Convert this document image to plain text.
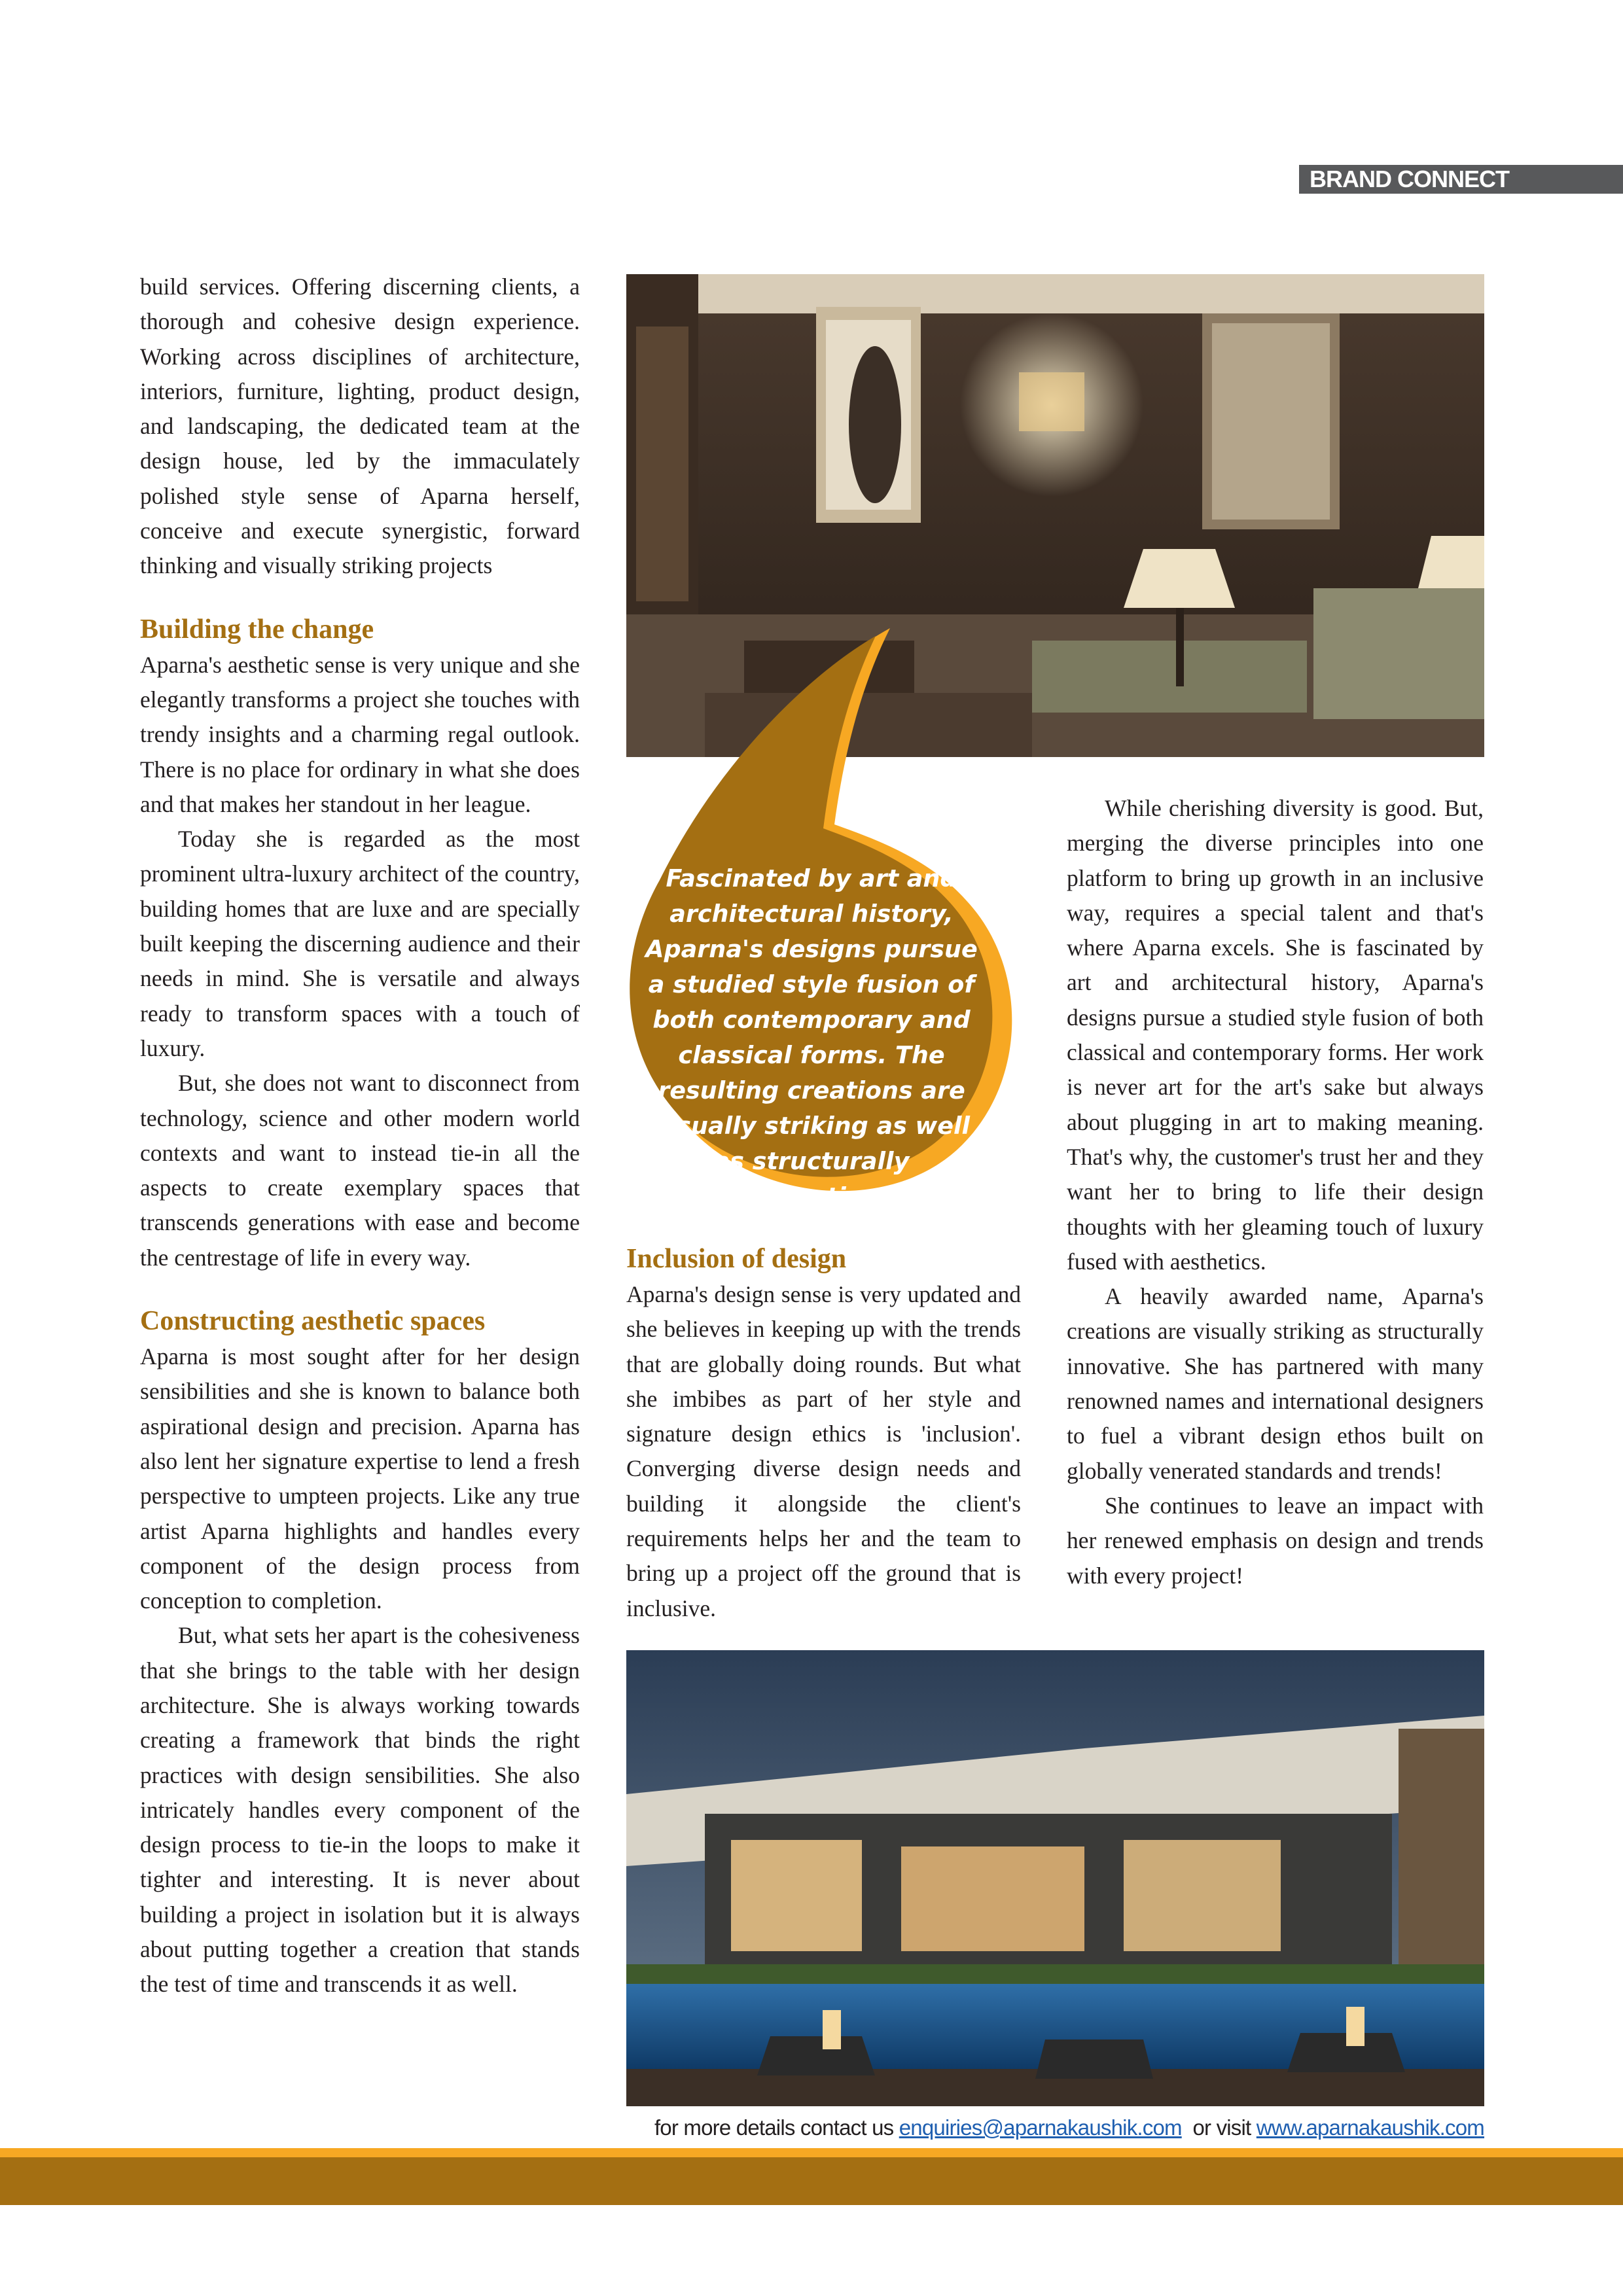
BRAND CONNECT

build services. Offering discerning clients, a thorough and cohesive design experience. Working across disciplines of architecture, interiors, furniture, lighting, product design, and landscaping, the dedicated team at the design house, led by the immaculately polished style sense of Aparna herself, conceive and execute synergistic, forward thinking and visually striking projects

Building the change

Aparna's aesthetic sense is very unique and she elegantly transforms a project she touches with trendy insights and a charming regal outlook. There is no place for ordinary in what she does and that makes her standout in her league.

Today she is regarded as the most prominent ultra-luxury architect of the country, building homes that are luxe and are specially built keeping the discerning audience and their needs in mind. She is versatile and always ready to transform spaces with a touch of luxury.

But, she does not want to disconnect from technology, science and other modern world contexts and want to instead tie-in all the aspects to create exemplary spaces that transcends generations with ease and become the centrestage of life in every way.

Constructing aesthetic spaces

Aparna is most sought after for her design sensibilities and she is known to balance both aspirational design and precision. Aparna has also lent her signature expertise to lend a fresh perspective to umpteen projects. Like any true artist Aparna highlights and handles every component of the design process from conception to completion.

But, what sets her apart is the cohesiveness that she brings to the table with her design architecture. She is always working towards creating a framework that binds the right practices with design sensibilities. She also intricately handles every component of the design process to tie-in the loops to make it tighter and interesting. It is never about building a project in isolation but it is always about putting together a creation that stands the test of time and transcends it as well.

Fascinated by art and architectural history, Aparna's designs pursue a studied style fusion of both contemporary and classical forms. The resulting creations are visually striking as well as structurally innovative.
Inclusion of design

Aparna's design sense is very updated and she believes in keeping up with the trends that are globally doing rounds. But what she imbibes as part of her style and signature design ethics is 'inclusion'. Converging diverse design needs and building it alongside the client's requirements helps her and the team to bring up a project off the ground that is inclusive.

While cherishing diversity is good. But, merging the diverse principles into one platform to bring up growth in an inclusive way, requires a special talent and that's where Aparna excels. She is fascinated by art and architectural history, Aparna's designs pursue a studied style fusion of both classical and contemporary forms. Her work is never art for the art's sake but always about plugging in art to making meaning. That's why, the customer's trust her and they want her to bring to life their design thoughts with her gleaming touch of luxury fused with aesthetics.

A heavily awarded name, Aparna's creations are visually striking as structurally innovative. She has partnered with many renowned names and international designers to fuel a vibrant design ethos built on globally venerated standards and trends!

She continues to leave an impact with her renewed emphasis on design and trends with every project!

for more details contact us enquiries@aparnakaushik.com or visit www.aparnakaushik.com
